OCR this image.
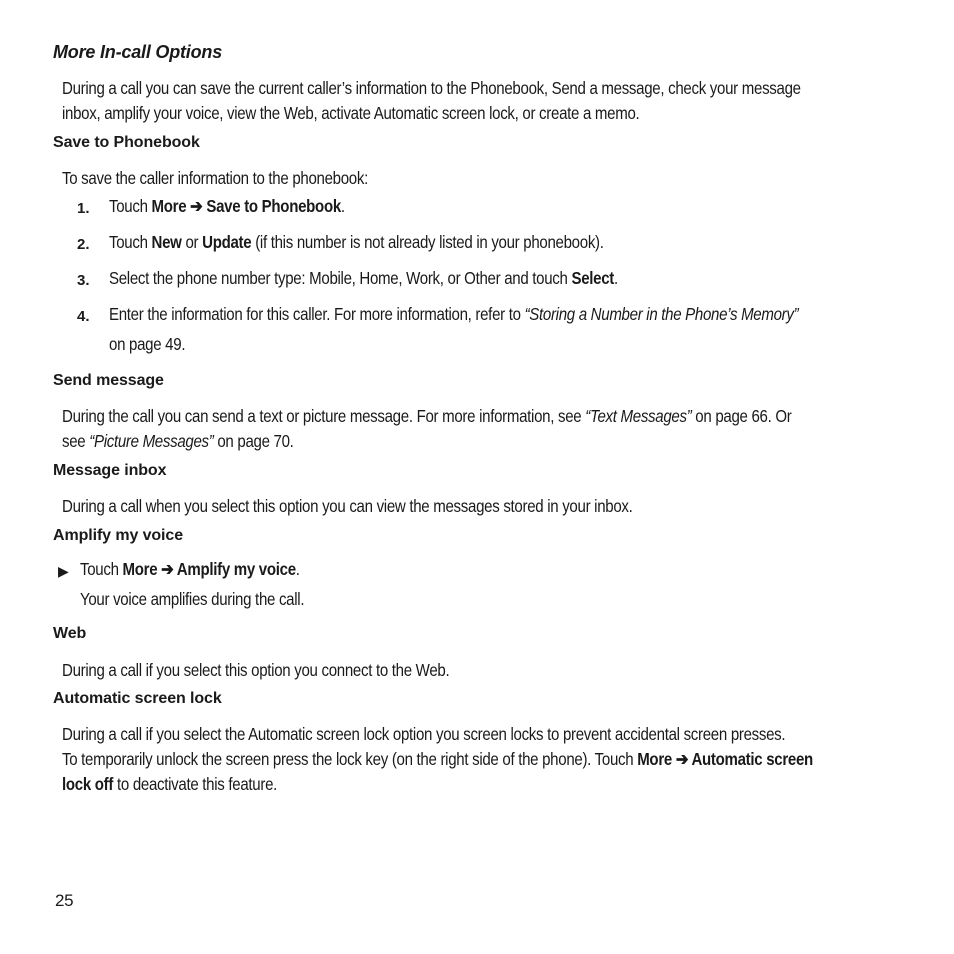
More In-call Options
During a call you can save the current caller’s information to the Phonebook, Send a message, check your message
inbox, amplify your voice, view the Web, activate Automatic screen lock, or create a memo.
Save to Phonebook
To save the caller information to the phonebook:
1. Touch More ➔ Save to Phonebook.
2. Touch New or Update (if this number is not already listed in your phonebook).
3. Select the phone number type: Mobile, Home, Work, or Other and touch Select.
4. Enter the information for this caller. For more information, refer to “Storing a Number in the Phone’s Memory”
on page 49.
Send message
During the call you can send a text or picture message. For more information, see “Text Messages” on page 66. Or
see “Picture Messages” on page 70.
Message inbox
During a call when you select this option you can view the messages stored in your inbox.
Amplify my voice
▶ Touch More ➔ Amplify my voice.
Your voice amplifies during the call.
Web
During a call if you select this option you connect to the Web.
Automatic screen lock
During a call if you select the Automatic screen lock option you screen locks to prevent accidental screen presses.
To temporarily unlock the screen press the lock key (on the right side of the phone). Touch More ➔ Automatic screen
lock off to deactivate this feature.
25
